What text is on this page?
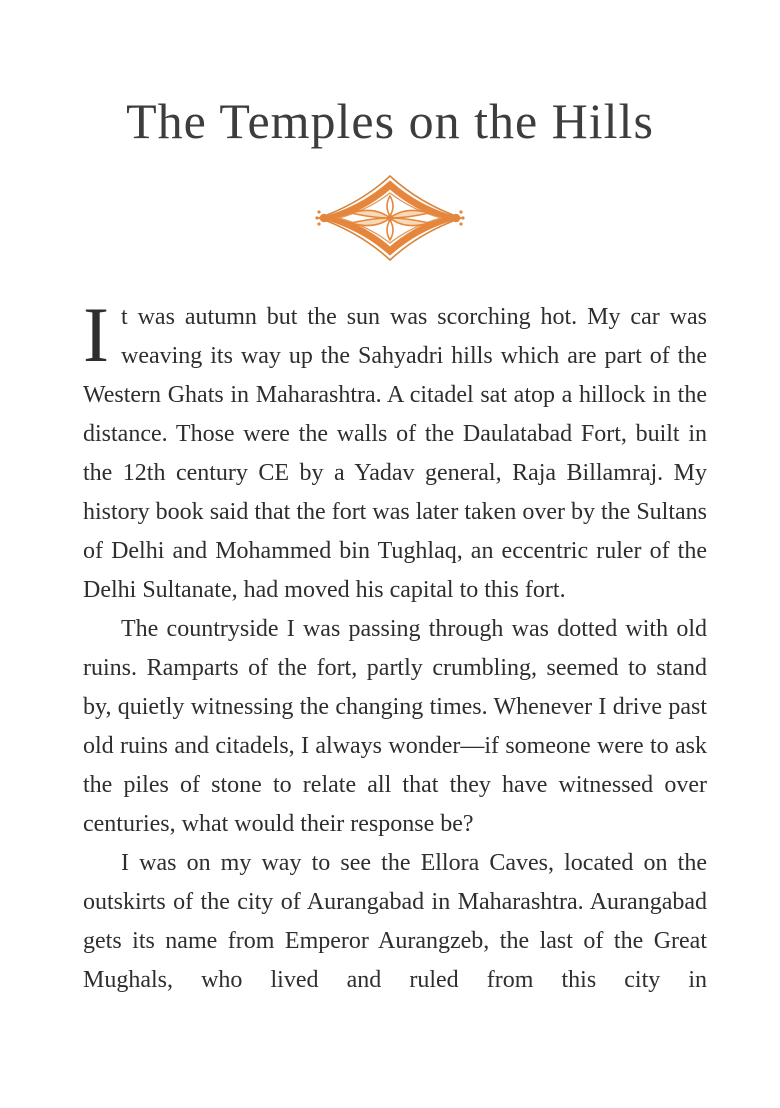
The Temples on the Hills

It was autumn but the sun was scorching hot. My car was weaving its way up the Sahyadri hills which are part of the Western Ghats in Maharashtra. A citadel sat atop a hillock in the distance. Those were the walls of the Daulatabad Fort, built in the 12th century CE by a Yadav general, Raja Billamraj. My history book said that the fort was later taken over by the Sultans of Delhi and Mohammed bin Tughlaq, an eccentric ruler of the Delhi Sultanate, had moved his capital to this fort.

The countryside I was passing through was dotted with old ruins. Ramparts of the fort, partly crumbling, seemed to stand by, quietly witnessing the changing times. Whenever I drive past old ruins and citadels, I always wonder—if someone were to ask the piles of stone to relate all that they have witnessed over centuries, what would their response be?

I was on my way to see the Ellora Caves, located on the outskirts of the city of Aurangabad in Maharashtra. Aurangabad gets its name from Emperor Aurangzeb, the last of the Great Mughals, who lived and ruled from this city in
